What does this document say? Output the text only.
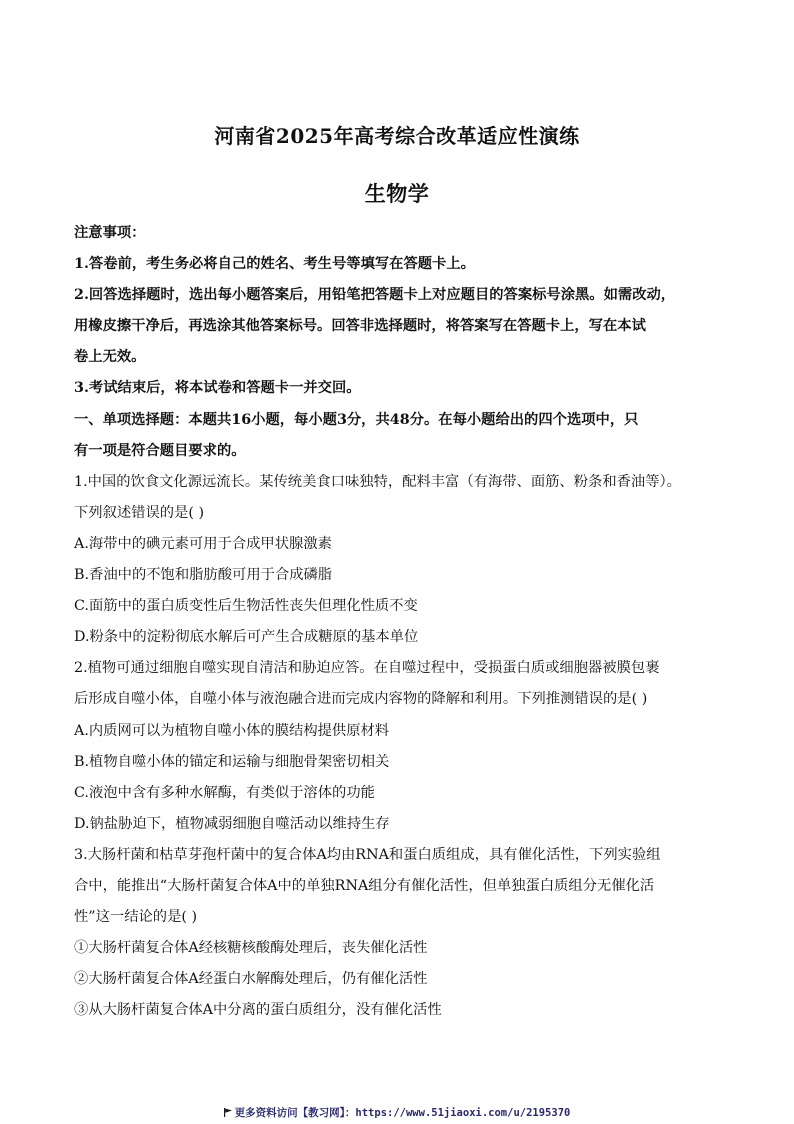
河南省2025年高考综合改革适应性演练
生物学
注意事项：
1.答卷前，考生务必将自己的姓名、考生号等填写在答题卡上。
2.回答选择题时，选出每小题答案后，用铅笔把答题卡上对应题目的答案标号涂黑。如需改动，
用橡皮擦干净后，再选涂其他答案标号。回答非选择题时，将答案写在答题卡上，写在本试
卷上无效。
3.考试结束后，将本试卷和答题卡一并交回。
一、单项选择题：本题共16小题，每小题3分，共48分。在每小题给出的四个选项中，只
有一项是符合题目要求的。
1.中国的饮食文化源远流长。某传统美食口味独特，配料丰富（有海带、面筋、粉条和香油等）。
下列叙述错误的是( )
A.海带中的碘元素可用于合成甲状腺激素
B.香油中的不饱和脂肪酸可用于合成磷脂
C.面筋中的蛋白质变性后生物活性丧失但理化性质不变
D.粉条中的淀粉彻底水解后可产生合成糖原的基本单位
2.植物可通过细胞自噬实现自清洁和胁迫应答。在自噬过程中，受损蛋白质或细胞器被膜包裹
后形成自噬小体，自噬小体与液泡融合进而完成内容物的降解和利用。下列推测错误的是( )
A.内质网可以为植物自噬小体的膜结构提供原材料
B.植物自噬小体的锚定和运输与细胞骨架密切相关
C.液泡中含有多种水解酶，有类似于溶体的功能
D.钠盐胁迫下，植物减弱细胞自噬活动以维持生存
3.大肠杆菌和枯草芽孢杆菌中的复合体A均由RNA和蛋白质组成，具有催化活性，下列实验组
合中，能推出“大肠杆菌复合体A中的单独RNA组分有催化活性，但单独蛋白质组分无催化活
性”这一结论的是( )
①大肠杆菌复合体A经核糖核酸酶处理后，丧失催化活性
②大肠杆菌复合体A经蛋白水解酶处理后，仍有催化活性
③从大肠杆菌复合体A中分离的蛋白质组分，没有催化活性
更多资料访问【教习网】：https://www.51jiaoxi.com/u/2195370
